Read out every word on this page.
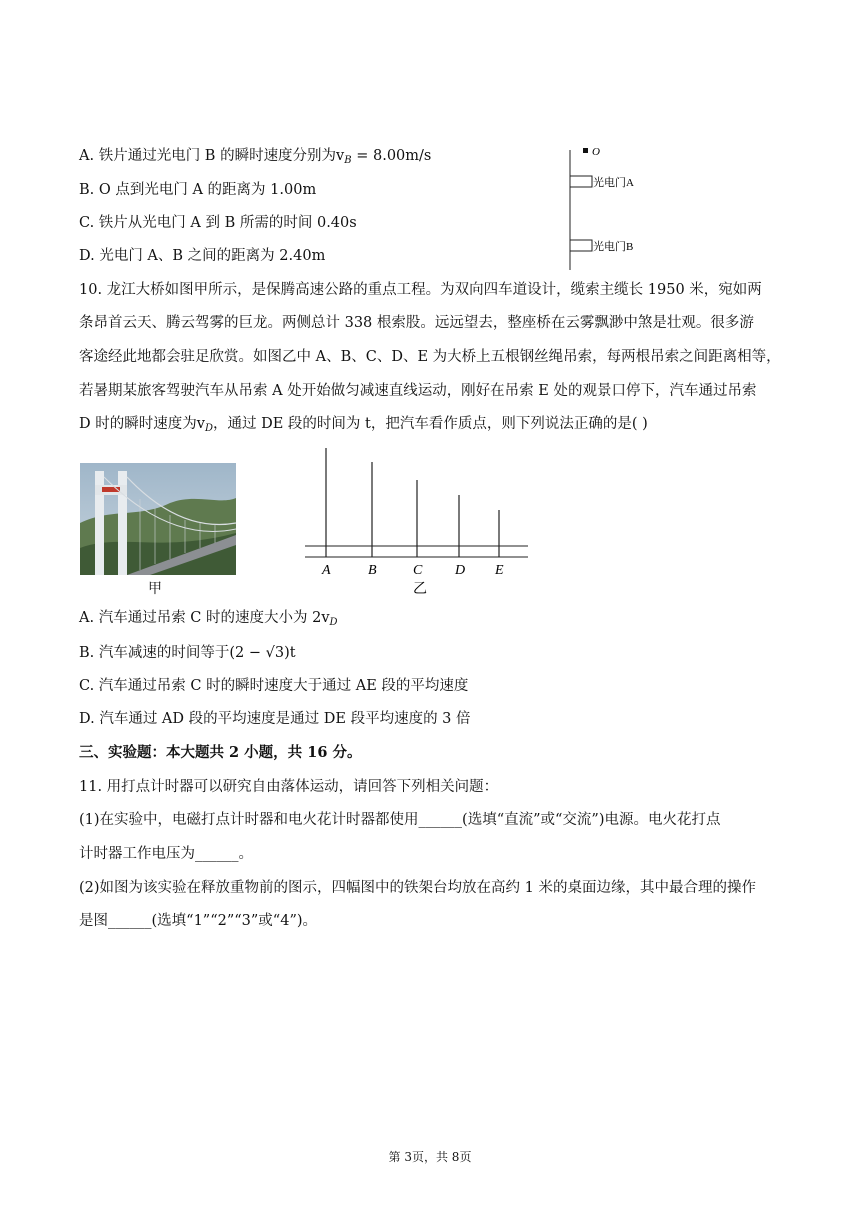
A. 铁片通过光电门 B 的瞬时速度分别为$v_B = 8.00m/s$
B. O 点到光电门 A 的距离为 1.00m
C. 铁片从光电门 A 到 B 所需的时间 0.40s
D. 光电门 A、B 之间的距离为 2.40m
O
光电门A
光电门B
10. 龙江大桥如图甲所示，是保腾高速公路的重点工程。为双向四车道设计，缆索主缆长 1950 米，宛如两
条昂首云天、腾云驾雾的巨龙。两侧总计 338 根索股。远远望去，整座桥在云雾飘渺中煞是壮观。很多游
客途经此地都会驻足欣赏。如图乙中 A、B、C、D、E 为大桥上五根钢丝绳吊索，每两根吊索之间距离相等，
若暑期某旅客驾驶汽车从吊索 A 处开始做匀减速直线运动，刚好在吊索 E 处的观景口停下，汽车通过吊索
D 时的瞬时速度为$v_D$，通过 DE 段的时间为 t，把汽车看作质点，则下列说法正确的是( )
甲
A	B	C D E
乙
A. 汽车通过吊索 C 时的速度大小为 $2v_D$
B. 汽车减速的时间等于(2 − √3)t
C. 汽车通过吊索 C 时的瞬时速度大于通过 AE 段的平均速度
D. 汽车通过 AD 段的平均速度是通过 DE 段平均速度的 3 倍
三、实验题：本大题共 2 小题，共 16 分。
11. 用打点计时器可以研究自由落体运动，请回答下列相关问题：
(1)在实验中，电磁打点计时器和电火花计时器都使用______(选填“直流”或“交流”)电源。电火花打点
计时器工作电压为______。
(2)如图为该实验在释放重物前的图示，四幅图中的铁架台均放在高约 1 米的桌面边缘，其中最合理的操作
是图______(选填“1”“2”“3”或“4”)。
第 3页，共 8页
